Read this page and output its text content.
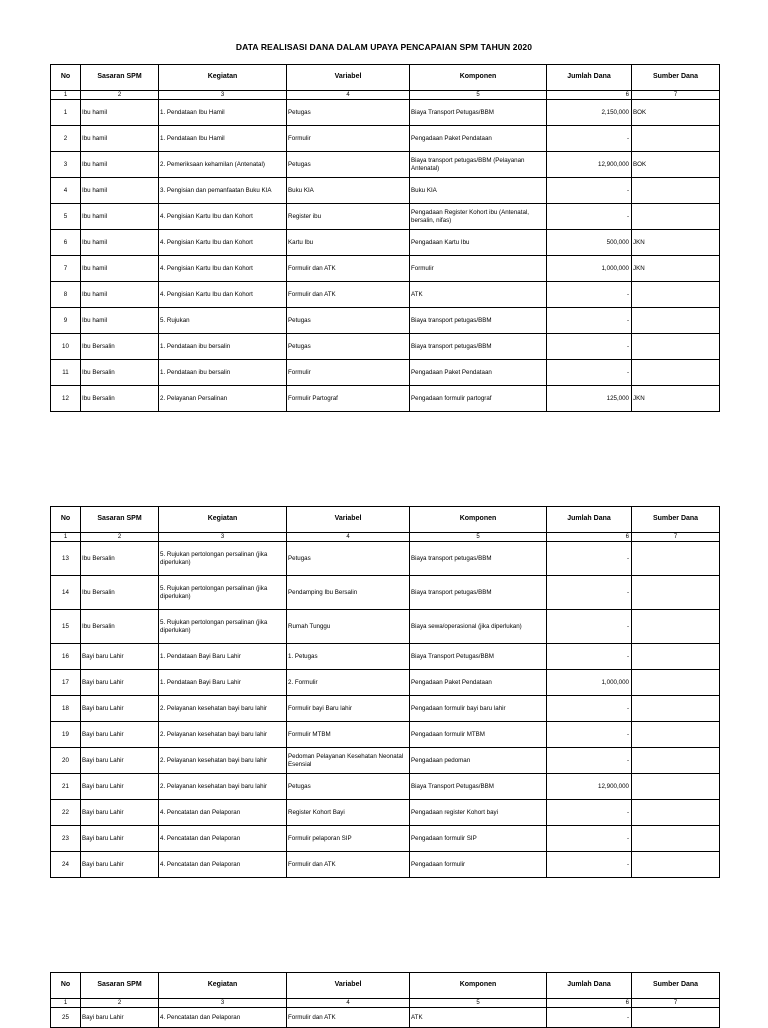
DATA REALISASI DANA DALAM UPAYA PENCAPAIAN SPM TAHUN 2020
No	Sasaran SPM	Kegiatan	Variabel	Komponen	Jumlah Dana	Sumber Dana
1	2	3	4	5	6	7
1	Ibu hamil	1. Pendataan Ibu Hamil	Petugas	Biaya Transport Petugas/BBM	2,150,000	BOK
2	Ibu hamil	1. Pendataan Ibu Hamil	Formulir	Pengadaan Paket Pendataan	-	
3	Ibu hamil	2. Pemeriksaan kehamilan (Antenatal)	Petugas	Biaya transport petugas/BBM (Pelayanan Antenatal)	12,900,000	BOK
4	Ibu hamil	3. Pengisian dan pemanfaatan Buku KIA	Buku KIA	Buku KIA	-	
5	Ibu hamil	4. Pengisian Kartu Ibu dan Kohort	Register ibu	Pengadaan Register Kohort ibu (Antenatal, bersalin, nifas)	-	
6	Ibu hamil	4. Pengisian Kartu Ibu dan Kohort	Kartu Ibu	Pengadaan Kartu Ibu	500,000	JKN
7	Ibu hamil	4. Pengisian Kartu Ibu dan Kohort	Formulir dan ATK	Formulir	1,000,000	JKN
8	Ibu hamil	4. Pengisian Kartu Ibu dan Kohort	Formulir dan ATK	ATK	-	
9	Ibu hamil	5. Rujukan	Petugas	Biaya transport petugas/BBM	-	
10	Ibu Bersalin	1. Pendataan ibu bersalin	Petugas	Biaya transport petugas/BBM	-	
11	Ibu Bersalin	1. Pendataan ibu bersalin	Formulir	Pengadaan Paket Pendataan	-	
12	Ibu Bersalin	2. Pelayanan Persalinan	Formulir Partograf	Pengadaan formulir partograf	125,000	JKN
No	Sasaran SPM	Kegiatan	Variabel	Komponen	Jumlah Dana	Sumber Dana
1	2	3	4	5	6	7
13	Ibu Bersalin	5. Rujukan pertolongan persalinan (jika diperlukan)	Petugas	Biaya transport petugas/BBM	-	
14	Ibu Bersalin	5. Rujukan pertolongan persalinan (jika diperlukan)	Pendamping Ibu Bersalin	Biaya transport petugas/BBM	-	
15	Ibu Bersalin	5. Rujukan pertolongan persalinan (jika diperlukan)	Rumah Tunggu	Biaya sewa/operasional (jika diperlukan)	-	
16	Bayi baru Lahir	1. Pendataan Bayi Baru Lahir	1. Petugas	Biaya Transport Petugas/BBM	-	
17	Bayi baru Lahir	1. Pendataan Bayi Baru Lahir	2. Formulir	Pengadaan Paket Pendataan	1,000,000	
18	Bayi baru Lahir	2. Pelayanan kesehatan bayi baru lahir	Formulir bayi Baru lahir	Pengadaan formulir bayi baru lahir	-	
19	Bayi baru Lahir	2. Pelayanan kesehatan bayi baru lahir	Formulir MTBM	Pengadaan formulir MTBM	-	
20	Bayi baru Lahir	2. Pelayanan kesehatan bayi baru lahir	Pedoman Pelayanan Kesehatan Neonatal Esensial	Pengadaan pedoman	-	
21	Bayi baru Lahir	2. Pelayanan kesehatan bayi baru lahir	Petugas	Biaya Transport Petugas/BBM	12,900,000	
22	Bayi baru Lahir	4. Pencatatan dan Pelaporan	Register Kohort Bayi	Pengadaan register Kohort bayi	-	
23	Bayi baru Lahir	4. Pencatatan dan Pelaporan	Formulir pelaporan SIP	Pengadaan formulir SIP	-	
24	Bayi baru Lahir	4. Pencatatan dan Pelaporan	Formulir dan ATK	Pengadaan formulir	-	
No	Sasaran SPM	Kegiatan	Variabel	Komponen	Jumlah Dana	Sumber Dana
1	2	3	4	5	6	7
25	Bayi baru Lahir	4. Pencatatan dan Pelaporan	Formulir dan ATK	ATK	-	
